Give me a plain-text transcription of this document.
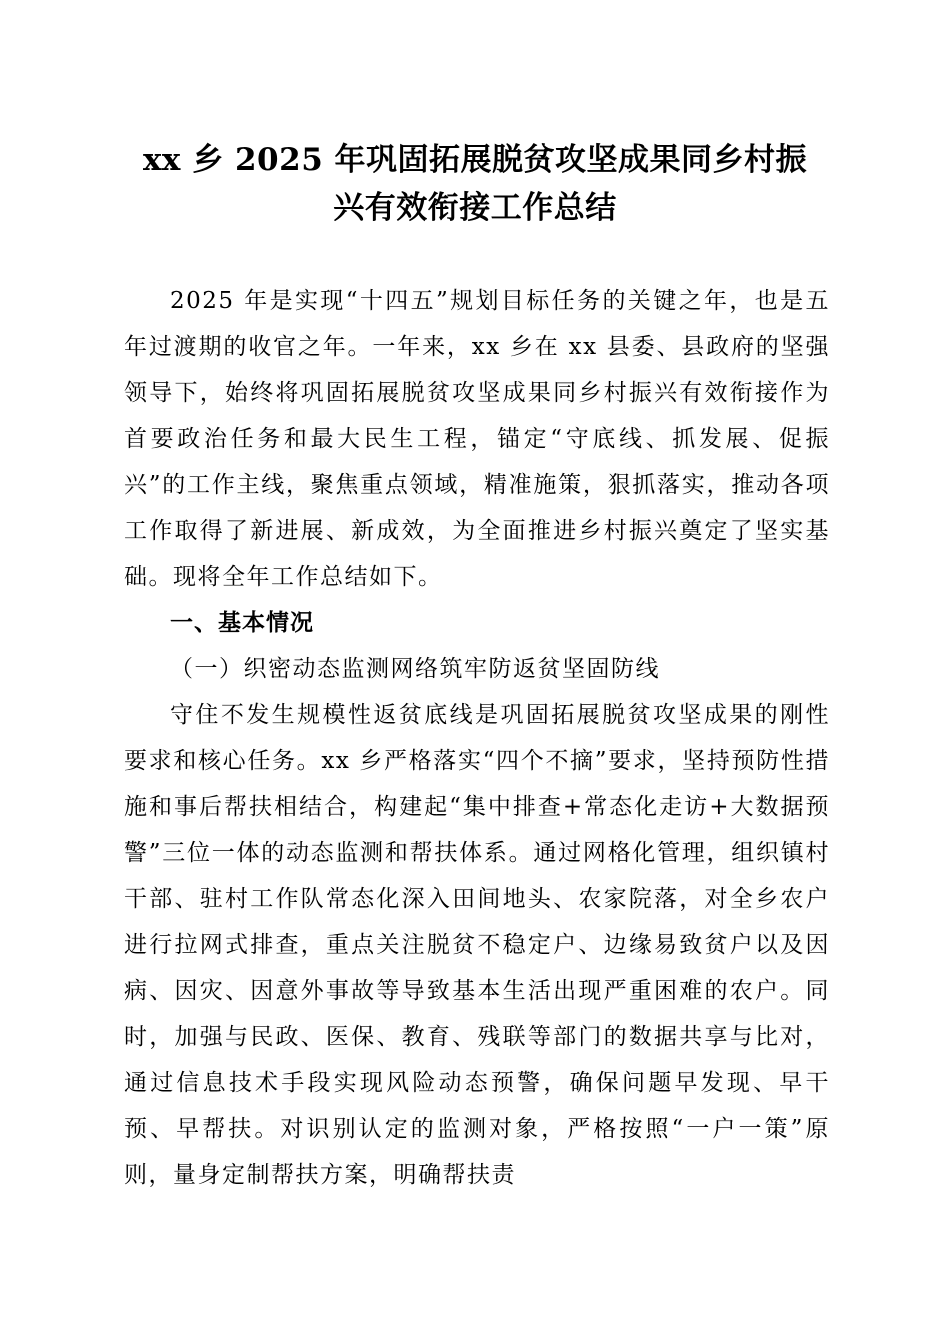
xx 乡 2025 年巩固拓展脱贫攻坚成果同乡村振
兴有效衔接工作总结

2025 年是实现“十四五”规划目标任务的关键之年，也是五年过渡期的收官之年。一年来，xx 乡在 xx 县委、县政府的坚强领导下，始终将巩固拓展脱贫攻坚成果同乡村振兴有效衔接作为首要政治任务和最大民生工程，锚定“守底线、抓发展、促振兴”的工作主线，聚焦重点领域，精准施策，狠抓落实，推动各项工作取得了新进展、新成效，为全面推进乡村振兴奠定了坚实基础。现将全年工作总结如下。

一、基本情况

（一）织密动态监测网络筑牢防返贫坚固防线

守住不发生规模性返贫底线是巩固拓展脱贫攻坚成果的刚性要求和核心任务。xx 乡严格落实“四个不摘”要求，坚持预防性措施和事后帮扶相结合，构建起“集中排查+常态化走访+大数据预警”三位一体的动态监测和帮扶体系。通过网格化管理，组织镇村干部、驻村工作队常态化深入田间地头、农家院落，对全乡农户进行拉网式排查，重点关注脱贫不稳定户、边缘易致贫户以及因病、因灾、因意外事故等导致基本生活出现严重困难的农户。同时，加强与民政、医保、教育、残联等部门的数据共享与比对，通过信息技术手段实现风险动态预警，确保问题早发现、早干预、早帮扶。对识别认定的监测对象，严格按照“一户一策”原则，量身定制帮扶方案，明确帮扶责
